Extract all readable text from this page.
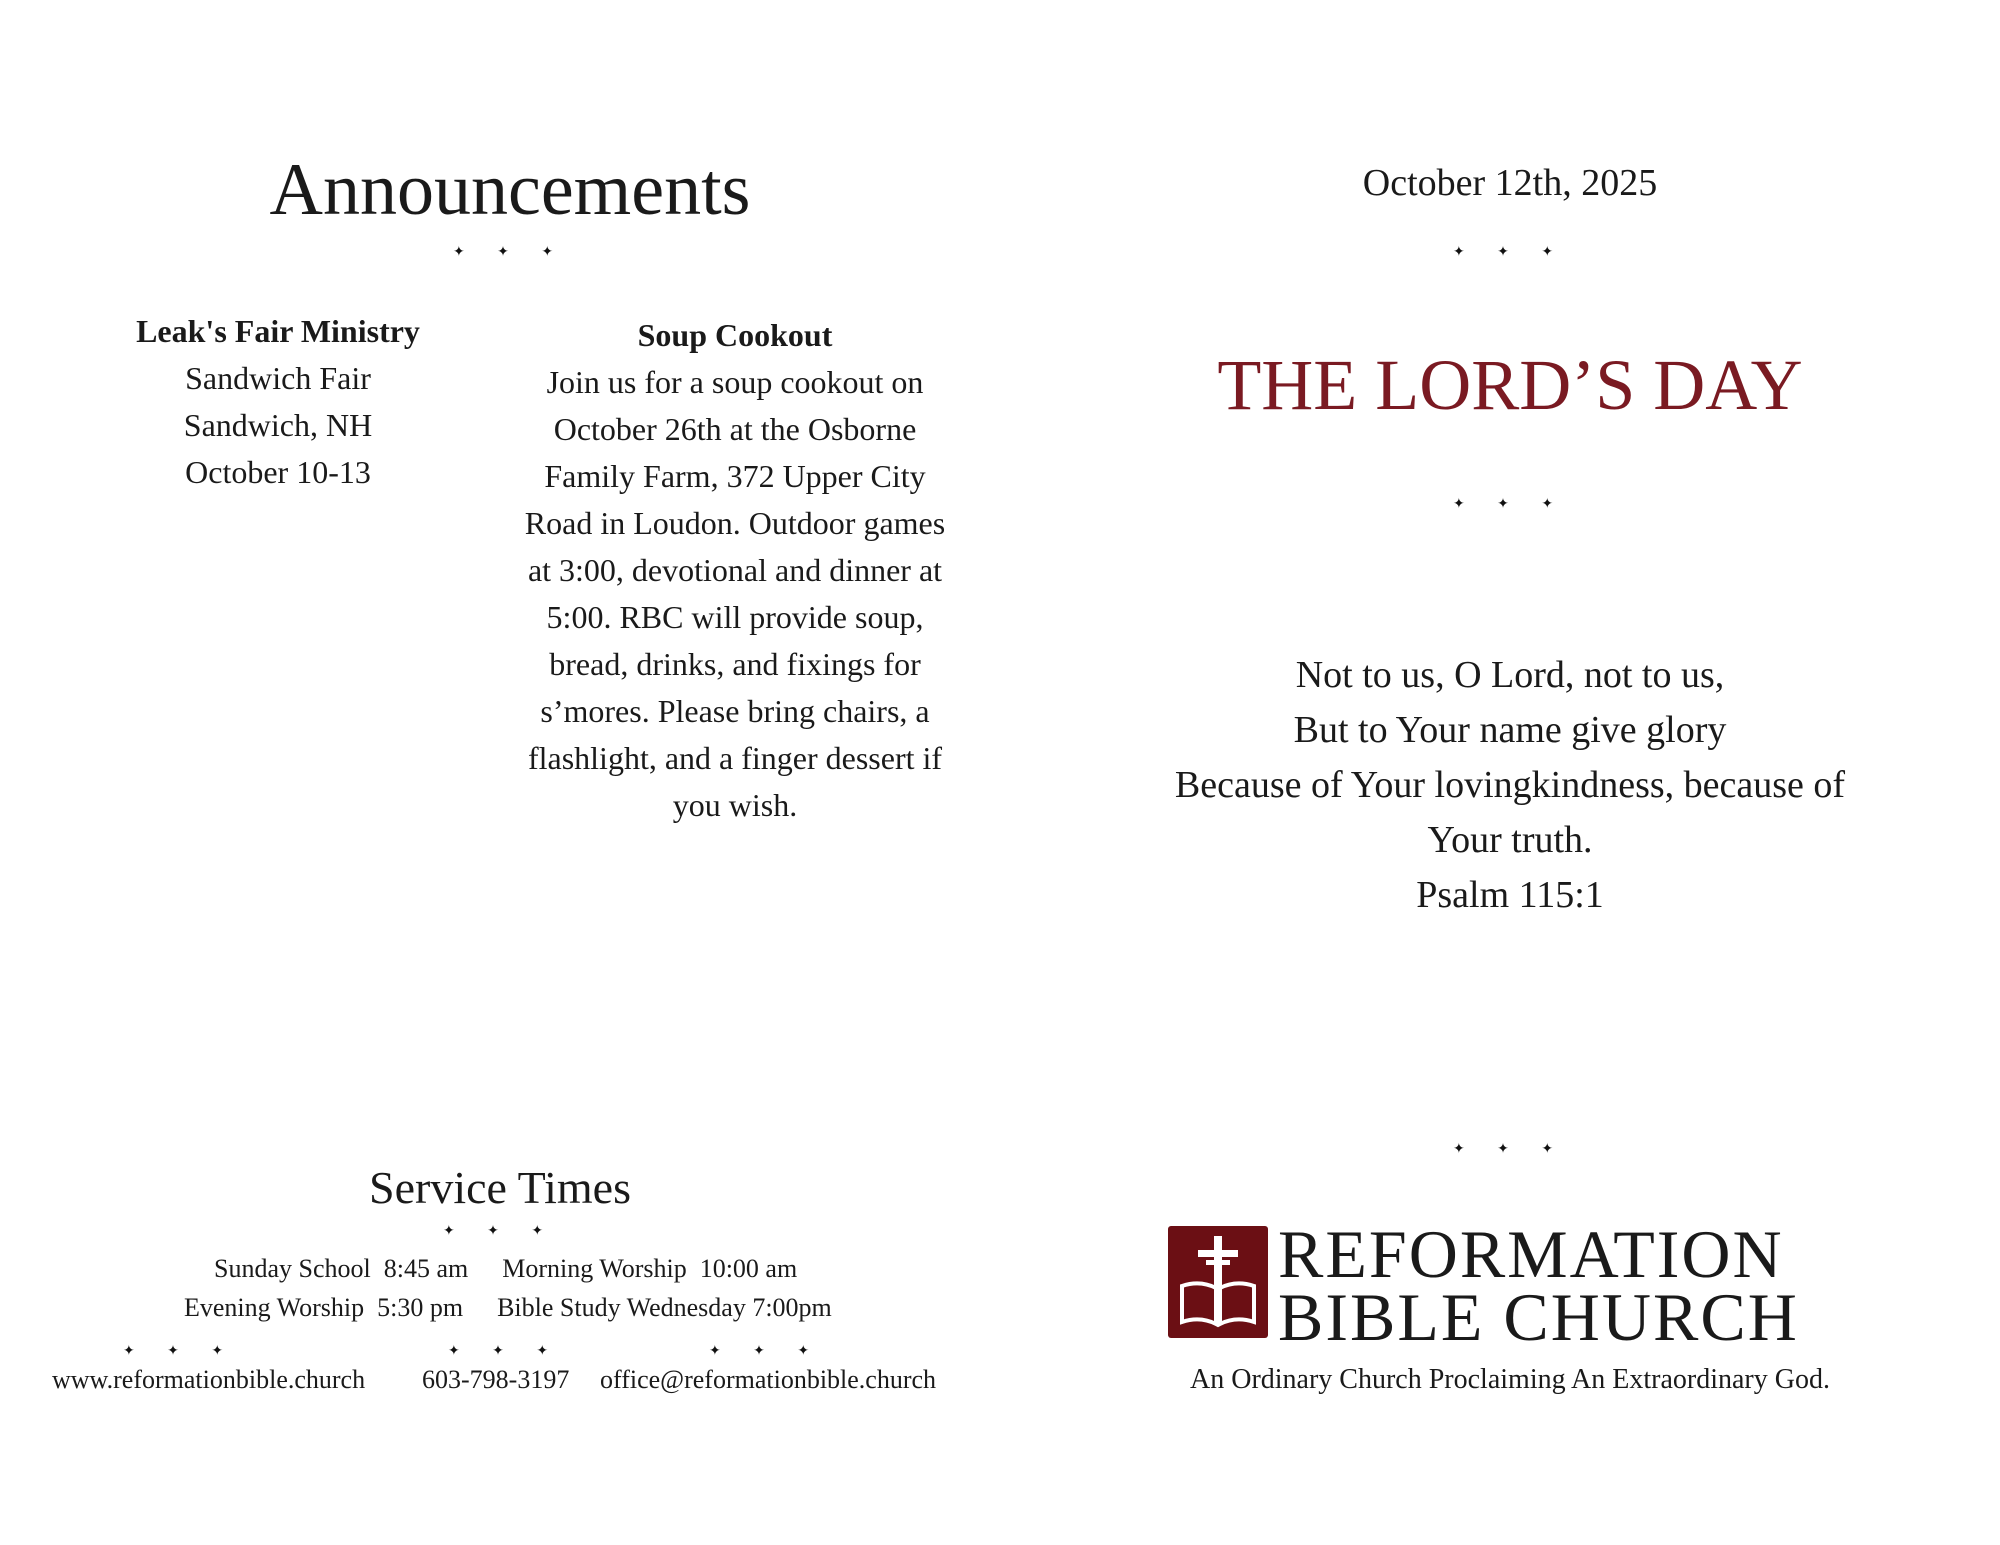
Announcements
✦ ✦ ✦
Leak's Fair Ministry
Sandwich Fair
Sandwich, NH
October 10-13
Soup Cookout
Join us for a soup cookout on
October 26th at the Osborne
Family Farm, 372 Upper City
Road in Loudon. Outdoor games
at 3:00, devotional and dinner at
5:00. RBC will provide soup,
bread, drinks, and fixings for
s’mores. Please bring chairs, a
flashlight, and a finger dessert if
you wish.
Service Times
✦ ✦ ✦
Sunday School  8:45 am Morning Worship  10:00 am
Evening Worship  5:30 pm Bible Study Wednesday 7:00pm
✦ ✦ ✦	✦ ✦ ✦	✦ ✦ ✦
www.reformationbible.church 603-798-3197 office@reformationbible.church
October 12th, 2025
✦ ✦ ✦
THE LORD’S DAY
✦ ✦ ✦
Not to us, O Lord, not to us,
But to Your name give glory
Because of Your lovingkindness, because of
Your truth.
Psalm 115:1
✦ ✦ ✦
REFORMATION
BIBLE CHURCH
An Ordinary Church Proclaiming An Extraordinary God.
